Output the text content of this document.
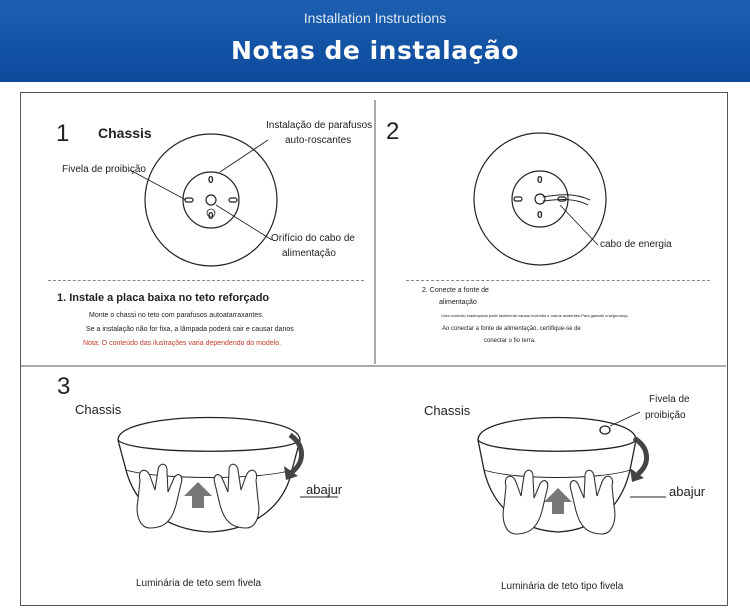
Installation Instructions
Notas de instalação
1 Chassis	Instalação de parafusos
auto-roscantes
Fivela de proibição
Orifício do cabo de
alimentação
0
0
1. Instale a placa baixa no teto reforçado
Monte o chassi no teto com parafusos autoatarraxantes.
Se a instalação não for fixa, a lâmpada poderá cair e causar danos
Nota: O conteúdo das ilustrações varia dependendo do modelo.
2
0
0
cabo de energia
2. Conecte a fonte de
alimentação
Uma conexão inadequada pode facilmente causar incêndio e outros acidentes.Para garantir a segurança,
Ao conectar a fonte de alimentação, certifique-se de
conectar o fio terra.
3
Chassis
abajur
Luminária de teto sem fivela
Chassis
Fivela de
proibição
abajur
Luminária de teto tipo fivela
